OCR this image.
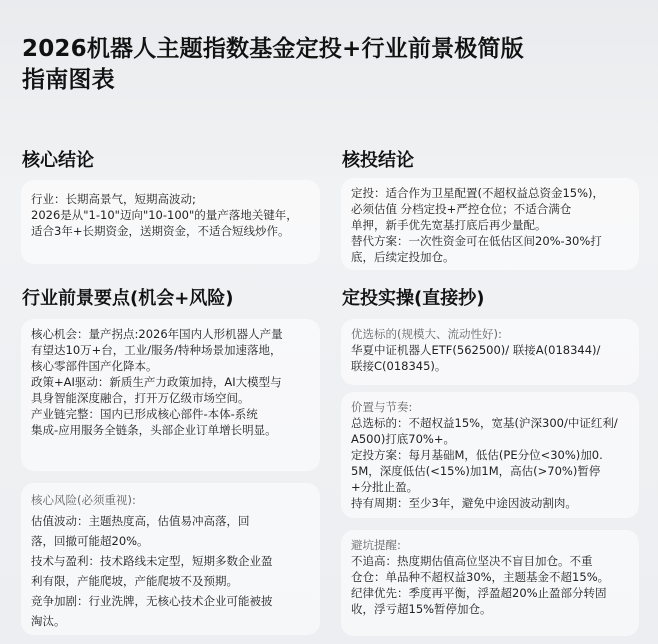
2026机器人主题指数基金定投+行业前景极简版
指南图表
核心结论
行业：长期高景气，短期高波动;
2026是从"1-10"迈向"10-100"的量产落地关键年，
适合3年+长期资金，送期资金，不适合短线炒作。
行业前景要点(机会+风险)
核心机会：量产拐点:2026年国内人形机器人产量
有望达10万+台，工业/服务/特种场景加速落地，
核心零部件国产化降本。
政策+AI驱动：新质生产力政策加持，AI大模型与
具身智能深度融合，打开万亿级市场空间。
产业链完整：国内已形成核心部件-本体-系统
集成-应用服务全链条，头部企业订单增长明显。
核心风险(必须重视):
估值波动：主题热度高，估值易冲高落，回
落，回撤可能超20%。
技术与盈利：技术路线未定型，短期多数企业盈
利有限，产能爬坡，产能爬坡不及预期。
竞争加剧：行业洗牌，无核心技术企业可能被披
淘汰。
核投结论
定投：适合作为卫星配置(不超权益总资金15%)，
必须估值 分档定投+严控仓位；不适合满仓
单押，新手优先宽基打底后再少量配。
替代方案：一次性资金可在低估区间20%-30%打
底，后续定投加仓。
定投实操(直接抄)
优选标的(规模大、流动性好):
华夏中证机器人ETF(562500)/ 联接A(018344)/
联接C(018345)。
价置与节奏:
总选标的：不超权益15%，宽基(沪深300/中证红利/
A500)打底70%+。
定投方案：每月基础M，低估(PE分位<30%)加0.
5M，深度低估(<15%)加1M，高估(>70%)暂停
+分批止盈。
持有周期：至少3年，避免中途因波动割肉。
避坑提醒:
不追高：热度期估值高位坚决不盲目加仓。不重
仓仓：单品种不超权益30%，主题基金不超15%。
纪律优先：季度再平衡，浮盈超20%止盈部分转固
收，浮亏超15%暂停加仓。
